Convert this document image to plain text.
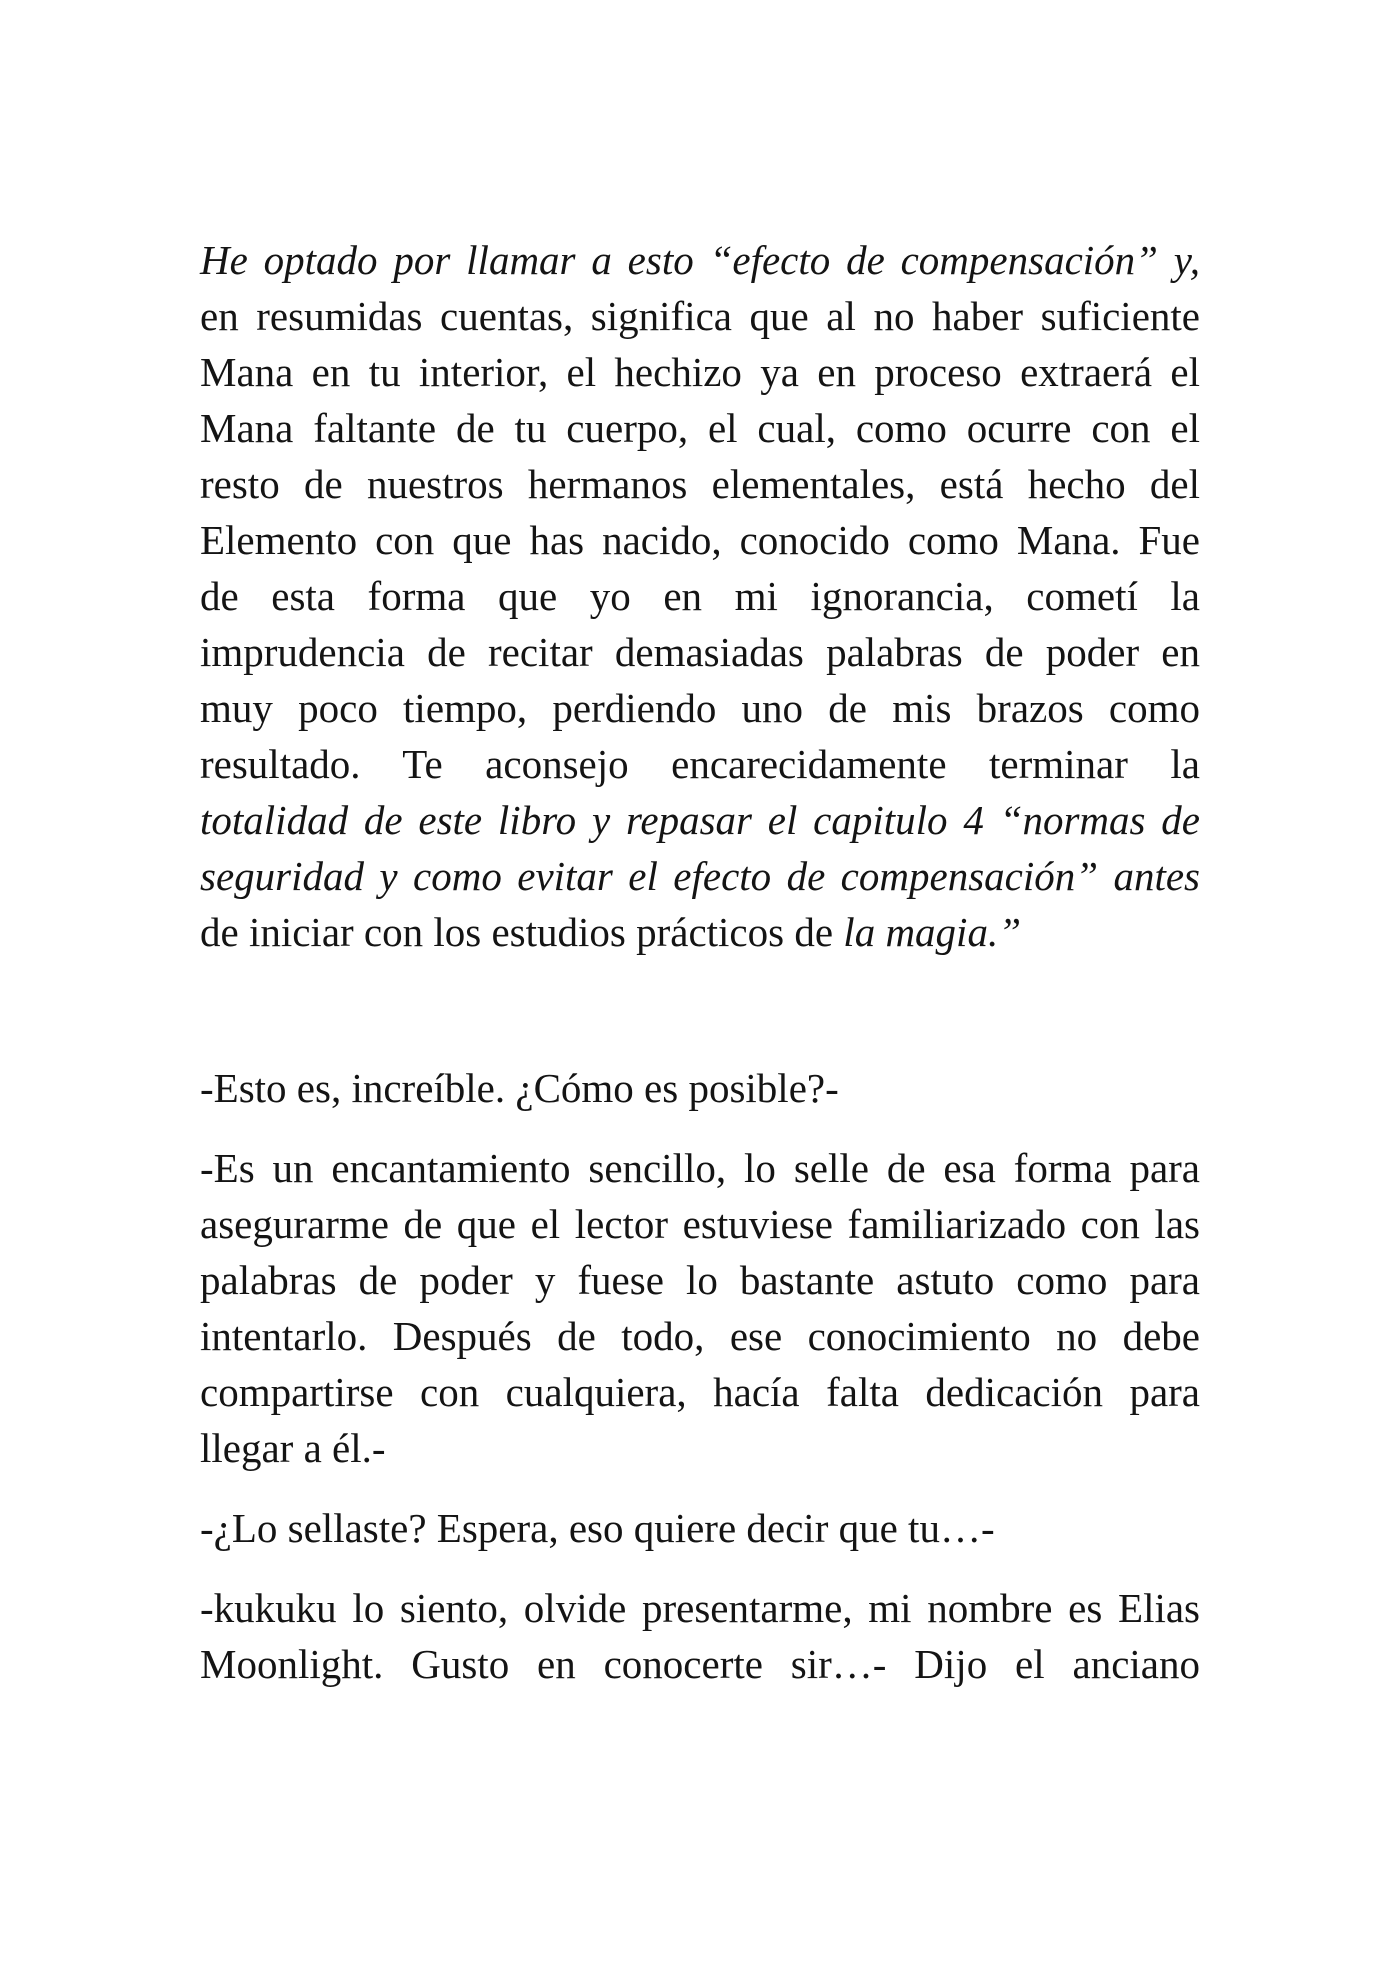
He optado por llamar a esto “efecto de compensación” y,
en resumidas cuentas, significa que al no haber suficiente
Mana en tu interior, el hechizo ya en proceso extraerá el
Mana faltante de tu cuerpo, el cual, como ocurre con el
resto de nuestros hermanos elementales, está hecho del
Elemento con que has nacido, conocido como Mana. Fue
de esta forma que yo en mi ignorancia, cometí la
imprudencia de recitar demasiadas palabras de poder en
muy poco tiempo, perdiendo uno de mis brazos como
resultado. Te aconsejo encarecidamente terminar la
totalidad de este libro y repasar el capitulo 4 “normas de
seguridad y como evitar el efecto de compensación” antes
de iniciar con los estudios prácticos de la magia.”
-Esto es, increíble. ¿Cómo es posible?-
-Es un encantamiento sencillo, lo selle de esa forma para
asegurarme de que el lector estuviese familiarizado con las
palabras de poder y fuese lo bastante astuto como para
intentarlo. Después de todo, ese conocimiento no debe
compartirse con cualquiera, hacía falta dedicación para
llegar a él.-
-¿Lo sellaste? Espera, eso quiere decir que tu…-
-kukuku lo siento, olvide presentarme, mi nombre es Elias
Moonlight. Gusto en conocerte sir…- Dijo el anciano
